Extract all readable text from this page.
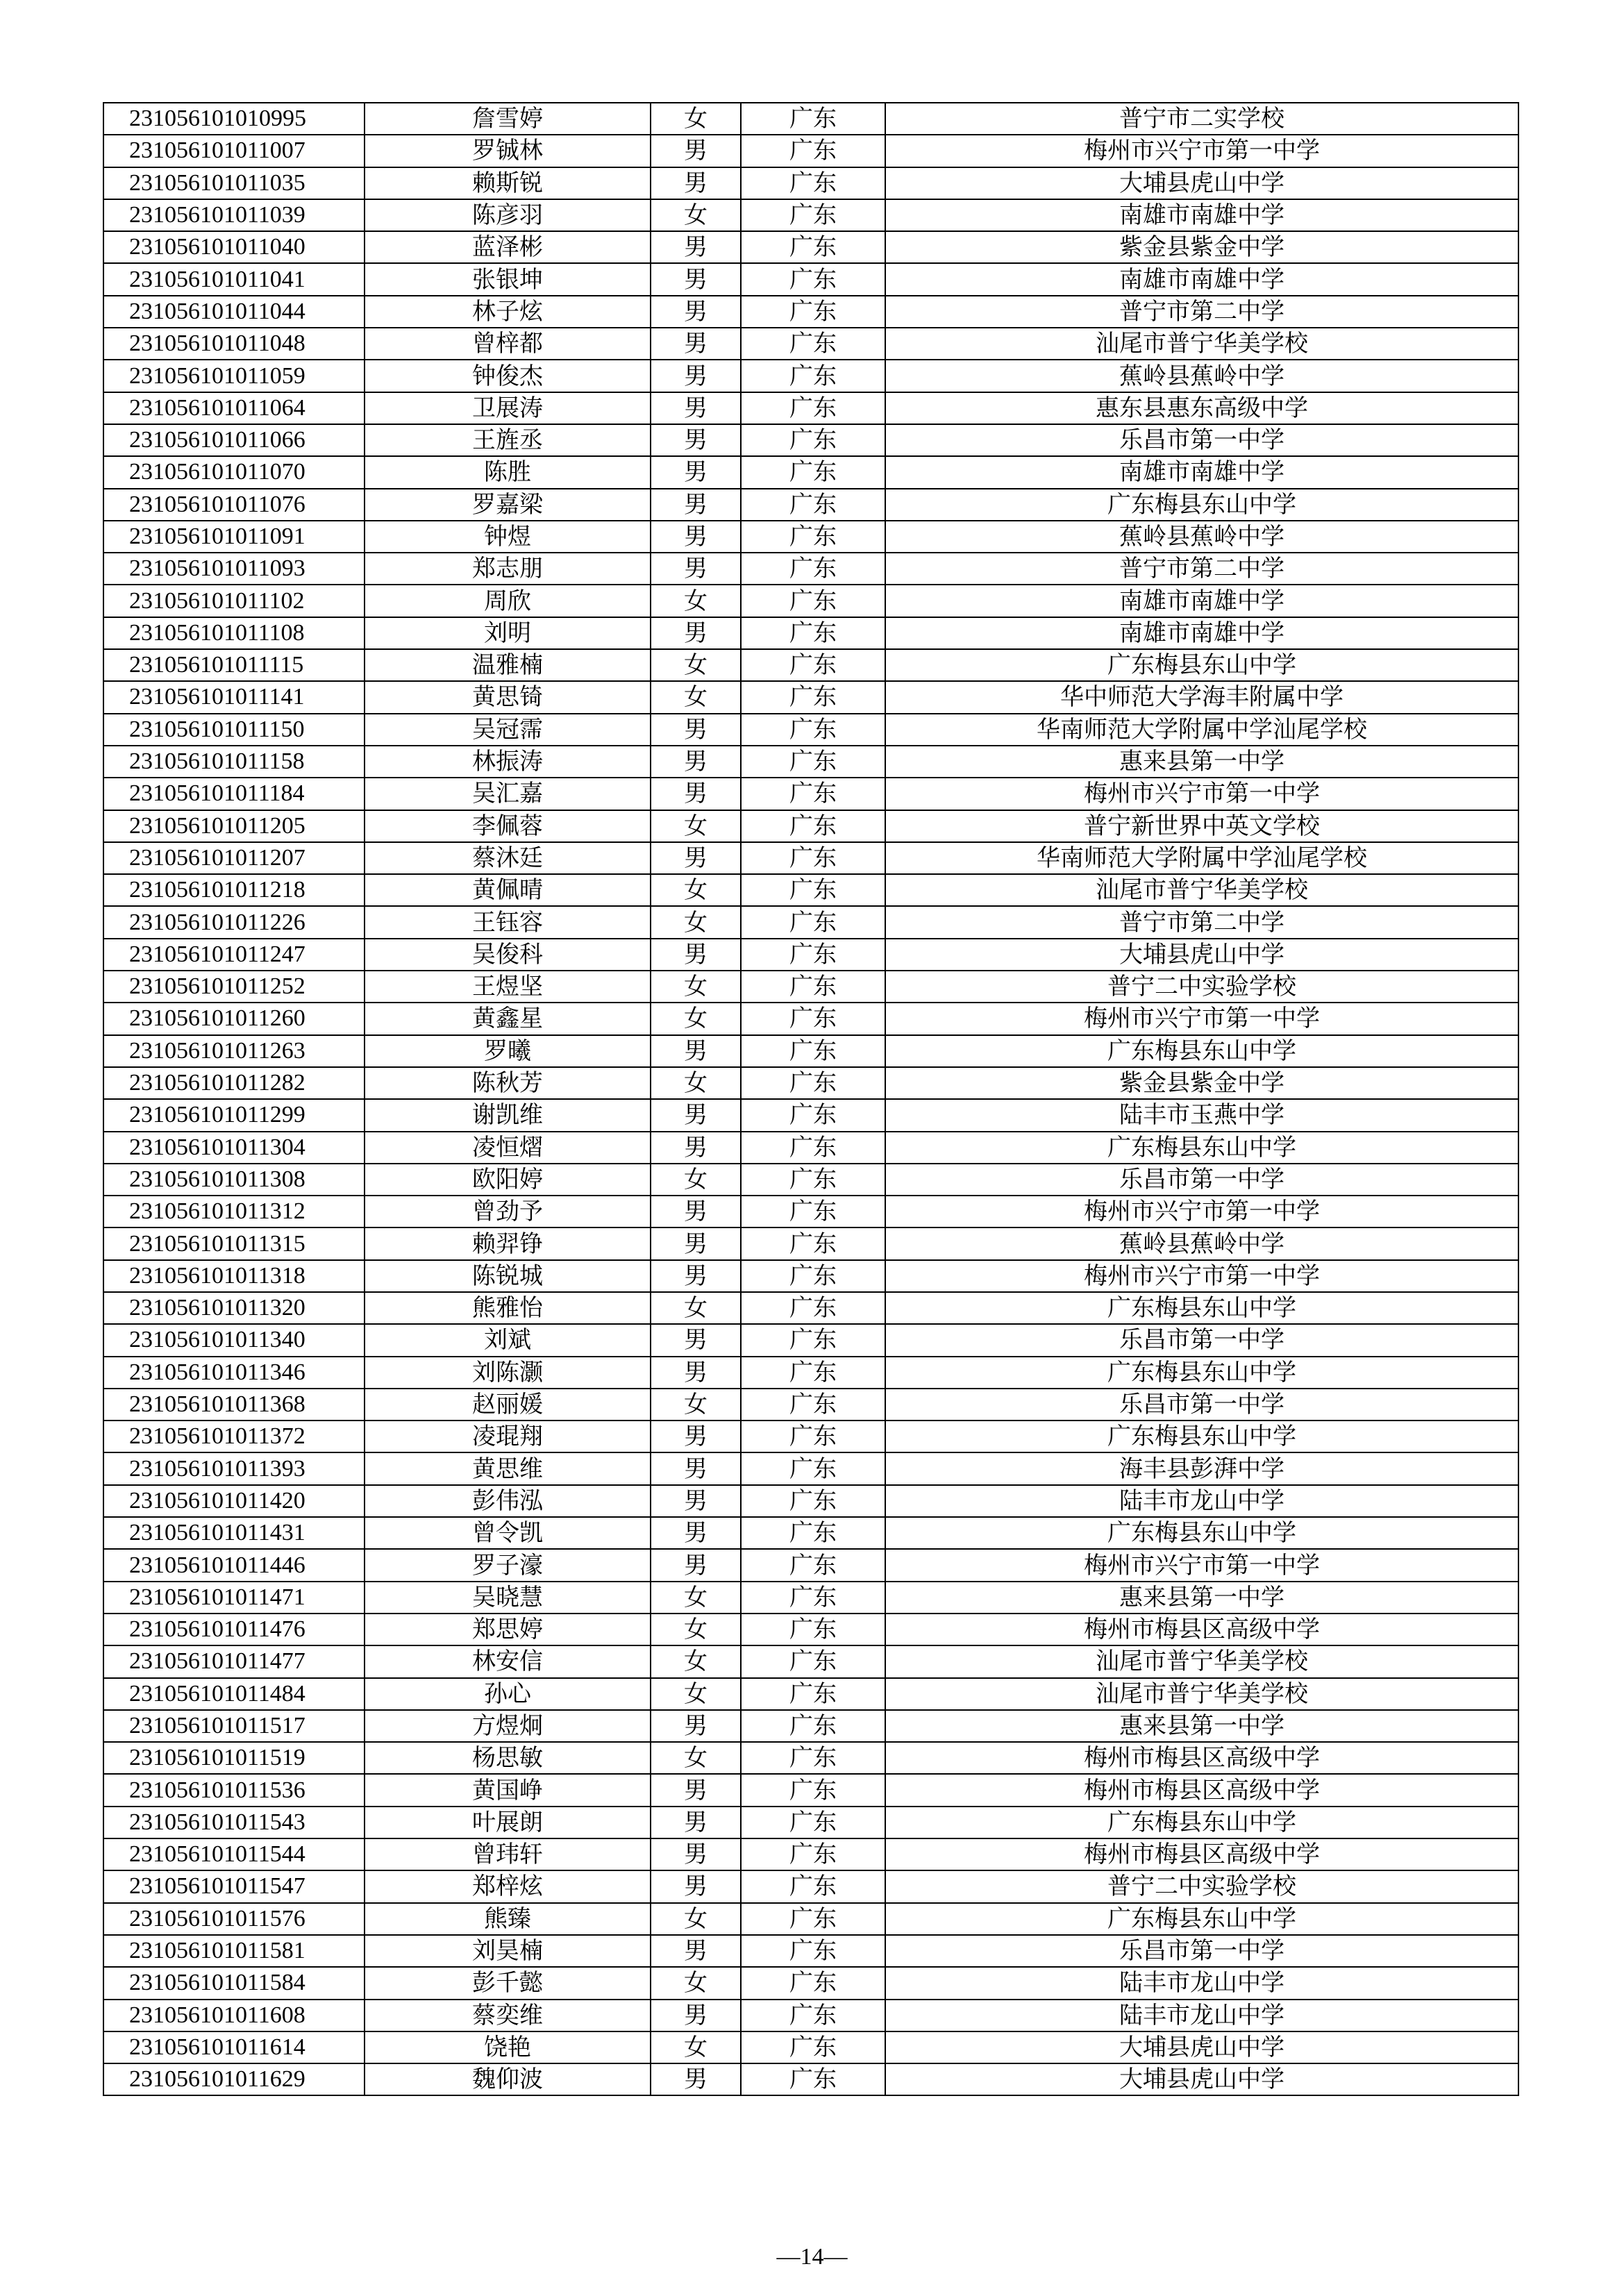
231056101010995	詹雪婷	女	广东	普宁市二实学校
231056101011007	罗铖林	男	广东	梅州市兴宁市第一中学
231056101011035	赖斯锐	男	广东	大埔县虎山中学
231056101011039	陈彦羽	女	广东	南雄市南雄中学
231056101011040	蓝泽彬	男	广东	紫金县紫金中学
231056101011041	张银坤	男	广东	南雄市南雄中学
231056101011044	林子炫	男	广东	普宁市第二中学
231056101011048	曾梓都	男	广东	汕尾市普宁华美学校
231056101011059	钟俊杰	男	广东	蕉岭县蕉岭中学
231056101011064	卫展涛	男	广东	惠东县惠东高级中学
231056101011066	王旌丞	男	广东	乐昌市第一中学
231056101011070	陈胜	男	广东	南雄市南雄中学
231056101011076	罗嘉梁	男	广东	广东梅县东山中学
231056101011091	钟煜	男	广东	蕉岭县蕉岭中学
231056101011093	郑志朋	男	广东	普宁市第二中学
231056101011102	周欣	女	广东	南雄市南雄中学
231056101011108	刘明	男	广东	南雄市南雄中学
231056101011115	温雅楠	女	广东	广东梅县东山中学
231056101011141	黄思锜	女	广东	华中师范大学海丰附属中学
231056101011150	吴冠霈	男	广东	华南师范大学附属中学汕尾学校
231056101011158	林振涛	男	广东	惠来县第一中学
231056101011184	吴汇嘉	男	广东	梅州市兴宁市第一中学
231056101011205	李佩蓉	女	广东	普宁新世界中英文学校
231056101011207	蔡沐廷	男	广东	华南师范大学附属中学汕尾学校
231056101011218	黄佩晴	女	广东	汕尾市普宁华美学校
231056101011226	王钰容	女	广东	普宁市第二中学
231056101011247	吴俊科	男	广东	大埔县虎山中学
231056101011252	王煜坚	女	广东	普宁二中实验学校
231056101011260	黄鑫星	女	广东	梅州市兴宁市第一中学
231056101011263	罗曦	男	广东	广东梅县东山中学
231056101011282	陈秋芳	女	广东	紫金县紫金中学
231056101011299	谢凯维	男	广东	陆丰市玉燕中学
231056101011304	凌恒熠	男	广东	广东梅县东山中学
231056101011308	欧阳婷	女	广东	乐昌市第一中学
231056101011312	曾劲予	男	广东	梅州市兴宁市第一中学
231056101011315	赖羿铮	男	广东	蕉岭县蕉岭中学
231056101011318	陈锐城	男	广东	梅州市兴宁市第一中学
231056101011320	熊雅怡	女	广东	广东梅县东山中学
231056101011340	刘斌	男	广东	乐昌市第一中学
231056101011346	刘陈灏	男	广东	广东梅县东山中学
231056101011368	赵丽媛	女	广东	乐昌市第一中学
231056101011372	凌琨翔	男	广东	广东梅县东山中学
231056101011393	黄思维	男	广东	海丰县彭湃中学
231056101011420	彭伟泓	男	广东	陆丰市龙山中学
231056101011431	曾令凯	男	广东	广东梅县东山中学
231056101011446	罗子濠	男	广东	梅州市兴宁市第一中学
231056101011471	吴晓慧	女	广东	惠来县第一中学
231056101011476	郑思婷	女	广东	梅州市梅县区高级中学
231056101011477	林安信	女	广东	汕尾市普宁华美学校
231056101011484	孙心	女	广东	汕尾市普宁华美学校
231056101011517	方煜炯	男	广东	惠来县第一中学
231056101011519	杨思敏	女	广东	梅州市梅县区高级中学
231056101011536	黄国峥	男	广东	梅州市梅县区高级中学
231056101011543	叶展朗	男	广东	广东梅县东山中学
231056101011544	曾玮轩	男	广东	梅州市梅县区高级中学
231056101011547	郑梓炫	男	广东	普宁二中实验学校
231056101011576	熊臻	女	广东	广东梅县东山中学
231056101011581	刘昊楠	男	广东	乐昌市第一中学
231056101011584	彭千懿	女	广东	陆丰市龙山中学
231056101011608	蔡奕维	男	广东	陆丰市龙山中学
231056101011614	饶艳	女	广东	大埔县虎山中学
231056101011629	魏仰波	男	广东	大埔县虎山中学
—14—
